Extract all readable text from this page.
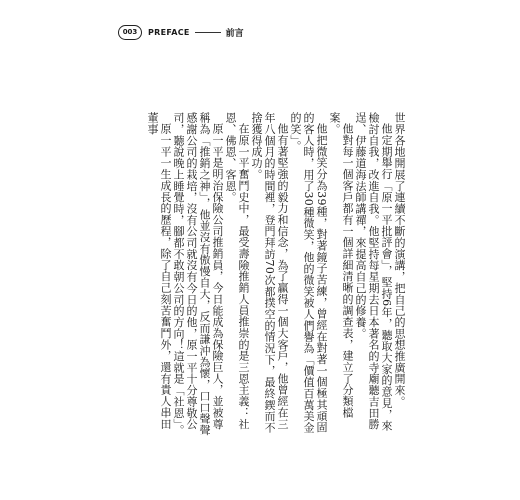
003	PREFACE	前言

世界各地開展了連續不斷的演講，把自己的思想推廣開來。

他定期舉行「原一平批評會」，堅持6年，聽取大家的意見，來檢討自我，改進自我。他堅持每星期去日本著名的寺廟聽吉田勝逞、伊藤道海法師講禪，來提高自己的修養。

他對每一個客戶都有一個詳細清晰的調查表，建立了分類檔案。

他把微笑分為39種，對著鏡子苦練，曾經在對著一個極其頑固的客人時，用了30種微笑，他的微笑被人們譽為「價值百萬美金的笑」。

他有著堅強的毅力和信念，為了贏得一個大客戶，他曾經在三年八個月的時間裡，登門拜訪70次都撲空的情況下，最終鍥而不捨獲得成功。

在原一平奮鬥史中，最受壽險推銷人員推崇的是三恩主義：社恩、佛恩、客恩。

原一平是明治保險公司推銷員，今日能成為保險巨人，並被尊稱為「推銷之神」，他並沒有傲慢自大，反而謙沖為懷，口口聲聲感謝公司的栽培，沒有公司就沒有今日的他，原一平十分尊敬公司，聽說晚上睡覺時，腳都不敢朝公司的方向！這就是「社恩」。

原一平一生成長的歷程，除了自己刻苦奮鬥外，還有貴人串田董事
